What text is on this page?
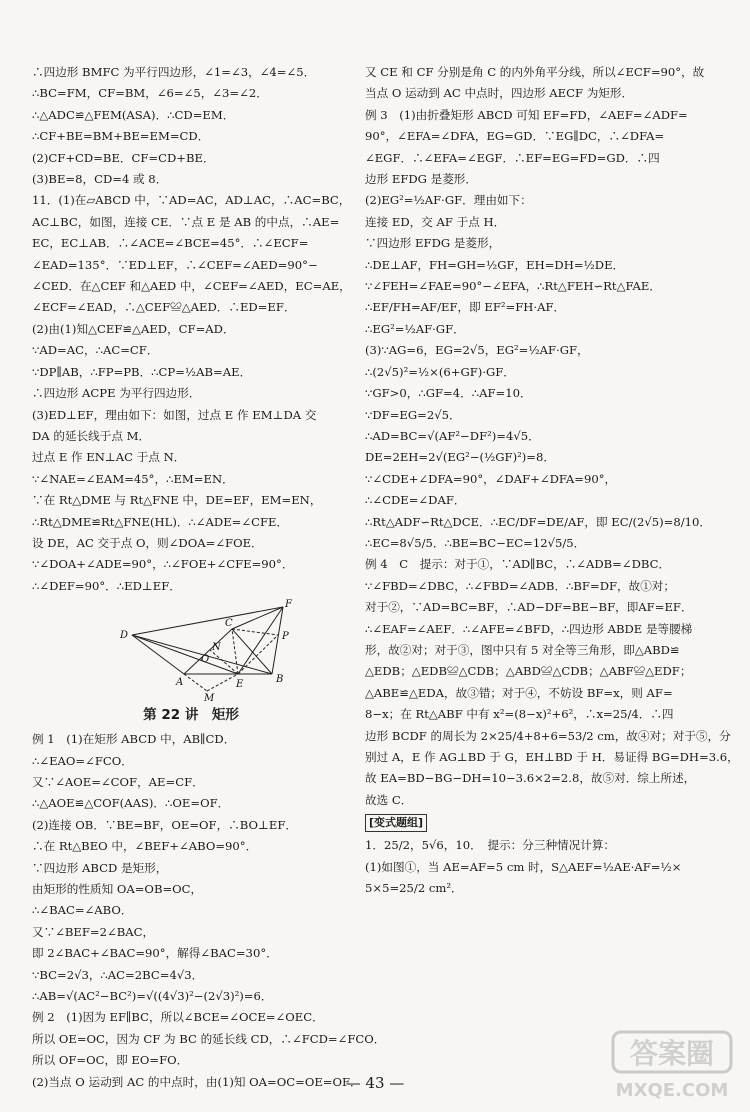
∴四边形 BMFC 为平行四边形，∠1=∠3，∠4=∠5．

∴BC=FM，CF=BM，∠6=∠5，∠3=∠2．

∴△ADC≌△FEM(ASA)．∴CD=EM．

∴CF+BE=BM+BE=EM=CD．

(2)CF+CD=BE．CF=CD+BE．

(3)BE=8，CD=4 或 8．

11．(1)在▱ABCD 中，∵AD=AC，AD⊥AC，∴AC=BC，

AC⊥BC，如图，连接 CE．∵点 E 是 AB 的中点，∴AE=

EC，EC⊥AB．∴∠ACE=∠BCE=45°．∴∠ECF=

∠EAD=135°．∵ED⊥EF，∴∠CEF=∠AED=90°−

∠CED．在△CEF 和△AED 中，∠CEF=∠AED，EC=AE，

∠ECF=∠EAD，∴△CEF≌△AED．∴ED=EF．

(2)由(1)知△CEF≌△AED，CF=AD．

∵AD=AC，∴AC=CF．

∵DP∥AB，∴FP=PB．∴CP=½AB=AE．

∴四边形 ACPE 为平行四边形．

(3)ED⊥EF，理由如下：如图，过点 E 作 EM⊥DA 交

DA 的延长线于点 M．

过点 E 作 EN⊥AC 于点 N．

∵∠NAE=∠EAM=45°，∴EM=EN．

∵在 Rt△DME 与 Rt△FNE 中，DE=EF，EM=EN，

∴Rt△DME≌Rt△FNE(HL)．∴∠ADE=∠CFE．

设 DE，AC 交于点 O，则∠DOA=∠FOE．

∵∠DOA+∠ADE=90°，∴∠FOE+∠CFE=90°．

∴∠DEF=90°．∴ED⊥EF．

F
D
C
P
N
O
A	E	B
M
第 22 讲　矩形

例 1　(1)在矩形 ABCD 中，AB∥CD．

∴∠EAO=∠FCO．

又∵∠AOE=∠COF，AE=CF．

∴△AOE≌△COF(AAS)．∴OE=OF．

(2)连接 OB．∵BE=BF，OE=OF，∴BO⊥EF．

∴在 Rt△BEO 中，∠BEF+∠ABO=90°．

∵四边形 ABCD 是矩形，

由矩形的性质知 OA=OB=OC，

∴∠BAC=∠ABO．

又∵∠BEF=2∠BAC，

即 2∠BAC+∠BAC=90°，解得∠BAC=30°．

∵BC=2√3，∴AC=2BC=4√3．

∴AB=√(AC²−BC²)=√((4√3)²−(2√3)²)=6．

例 2　(1)因为 EF∥BC，所以∠BCE=∠OCE=∠OEC．

所以 OE=OC，因为 CF 为 BC 的延长线 CD，∴∠FCD=∠FCO．

所以 OF=OC，即 EO=FO．

(2)当点 O 运动到 AC 的中点时，由(1)知 OA=OC=OE=OF．

又 CE 和 CF 分别是角 C 的内外角平分线，所以∠ECF=90°，故

当点 O 运动到 AC 中点时，四边形 AECF 为矩形．

例 3　(1)由折叠矩形 ABCD 可知 EF=FD，∠AEF=∠ADF=

90°，∠EFA=∠DFA，EG=GD．∵EG∥DC，∴∠DFA=

∠EGF．∴∠EFA=∠EGF．∴EF=EG=FD=GD．∴四

边形 EFDG 是菱形．

(2)EG²=½AF·GF．理由如下：

连接 ED，交 AF 于点 H．

∵四边形 EFDG 是菱形，

∴DE⊥AF，FH=GH=½GF，EH=DH=½DE．

∵∠FEH=∠FAE=90°−∠EFA，∴Rt△FEH∽Rt△FAE．

∴EF/FH=AF/EF，即 EF²=FH·AF．

∴EG²=½AF·GF．

(3)∵AG=6，EG=2√5，EG²=½AF·GF，

∴(2√5)²=½×(6+GF)·GF．

∵GF>0，∴GF=4．∴AF=10．

∵DF=EG=2√5．

∴AD=BC=√(AF²−DF²)=4√5．

DE=2EH=2√(EG²−(½GF)²)=8．

∵∠CDE+∠DFA=90°，∠DAF+∠DFA=90°，

∴∠CDE=∠DAF．

∴Rt△ADF∽Rt△DCE．∴EC/DF=DE/AF，即 EC/(2√5)=8/10．

∴EC=8√5/5．∴BE=BC−EC=12√5/5．

例 4　C　提示：对于①，∵AD∥BC，∴∠ADB=∠DBC．

∵∠FBD=∠DBC，∴∠FBD=∠ADB．∴BF=DF，故①对；

对于②，∵AD=BC=BF，∴AD−DF=BE−BF，即AF=EF．

∴∠EAF=∠AEF．∴∠AFE=∠BFD，∴四边形 ABDE 是等腰梯

形，故②对；对于③，图中只有 5 对全等三角形，即△ABD≌

△EDB；△EDB≌△CDB；△ABD≌△CDB；△ABF≌△EDF；

△ABE≌△EDA，故③错；对于④，不妨设 BF=x，则 AF=

8−x；在 Rt△ABF 中有 x²=(8−x)²+6²，∴x=25/4．∴四

边形 BCDF 的周长为 2×25/4+8+6=53/2 cm，故④对；对于⑤，分

别过 A，E 作 AG⊥BD 于 G，EH⊥BD 于 H．易证得 BG=DH=3.6，

故 EA=BD−BG−DH=10−3.6×2=2.8，故⑤对．综上所述，

故选 C．

[变式题组]

1．25/2，5√6，10．　提示：分三种情况计算：

(1)如图①，当 AE=AF=5 cm 时，S△AEF=½AE·AF=½×

5×5=25/2 cm²．

— 43 —
答案圈
MXQE.COM
